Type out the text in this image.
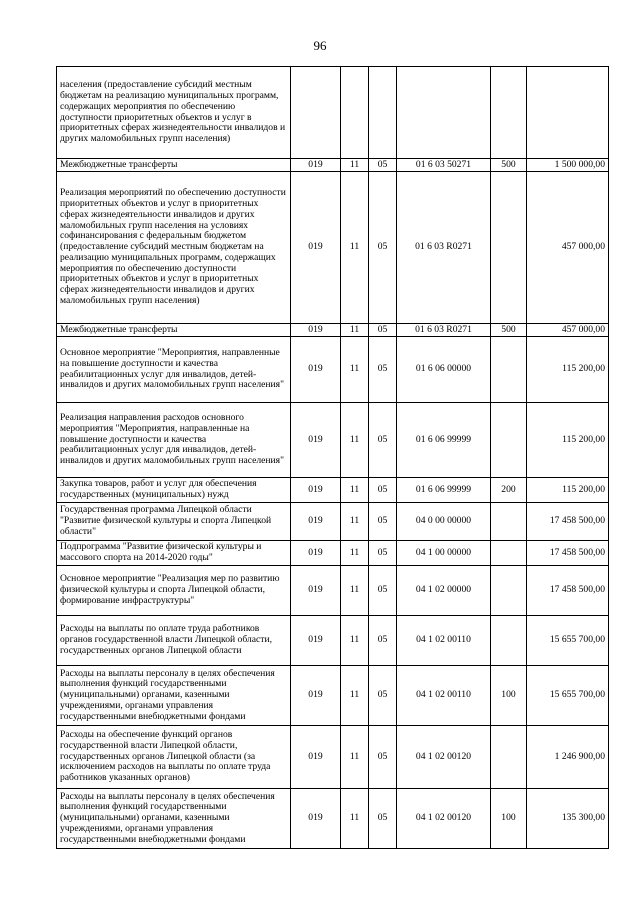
96
населения (предоставление субсидий местным бюджетам на реализацию муниципальных программ, содержащих мероприятия по обеспечению доступности приоритетных объектов и услуг в приоритетных сферах жизнедеятельности инвалидов и других маломобильных групп населения)						
Межбюджетные трансферты	019	11	05	01 6 03 50271	500	1 500 000,00
Реализация мероприятий по обеспечению доступности приоритетных объектов и услуг в приоритетных сферах жизнедеятельности инвалидов и других маломобильных групп населения на условиях софинансирования с федеральным бюджетом (предоставление субсидий местным бюджетам на реализацию муниципальных программ, содержащих мероприятия по обеспечению доступности приоритетных объектов и услуг в приоритетных сферах жизнедеятельности инвалидов и других маломобильных групп населения)	019	11	05	01 6 03 R0271		457 000,00
Межбюджетные трансферты	019	11	05	01 6 03 R0271	500	457 000,00
Основное мероприятие "Мероприятия, направленные на повышение доступности и качества реабилитационных услуг для инвалидов, детей-инвалидов и других маломобильных групп населения"	019	11	05	01 6 06 00000		115 200,00
Реализация направления расходов основного мероприятия "Мероприятия, направленные на повышение доступности и качества реабилитационных услуг для инвалидов, детей-инвалидов и других маломобильных групп населения"	019	11	05	01 6 06 99999		115 200,00
Закупка товаров, работ и услуг для обеспечения государственных (муниципальных) нужд	019	11	05	01 6 06 99999	200	115 200,00
Государственная программа Липецкой области "Развитие физической культуры и спорта Липецкой области"	019	11	05	04 0 00 00000		17 458 500,00
Подпрограмма "Развитие физической культуры и массового спорта на 2014-2020 годы"	019	11	05	04 1 00 00000		17 458 500,00
Основное мероприятие "Реализация мер по развитию физической культуры и спорта Липецкой области, формирование инфраструктуры"	019	11	05	04 1 02 00000		17 458 500,00
Расходы на выплаты по оплате труда работников органов государственной власти Липецкой области, государственных органов Липецкой области	019	11	05	04 1 02 00110		15 655 700,00
Расходы на выплаты персоналу в целях обеспечения выполнения функций государственными (муниципальными) органами, казенными учреждениями, органами управления государственными внебюджетными фондами	019	11	05	04 1 02 00110	100	15 655 700,00
Расходы на обеспечение функций органов государственной власти Липецкой области, государственных органов Липецкой области (за исключением расходов на выплаты по оплате труда работников указанных органов)	019	11	05	04 1 02 00120		1 246 900,00
Расходы на выплаты персоналу в целях обеспечения выполнения функций государственными (муниципальными) органами, казенными учреждениями, органами управления государственными внебюджетными фондами	019	11	05	04 1 02 00120	100	135 300,00
